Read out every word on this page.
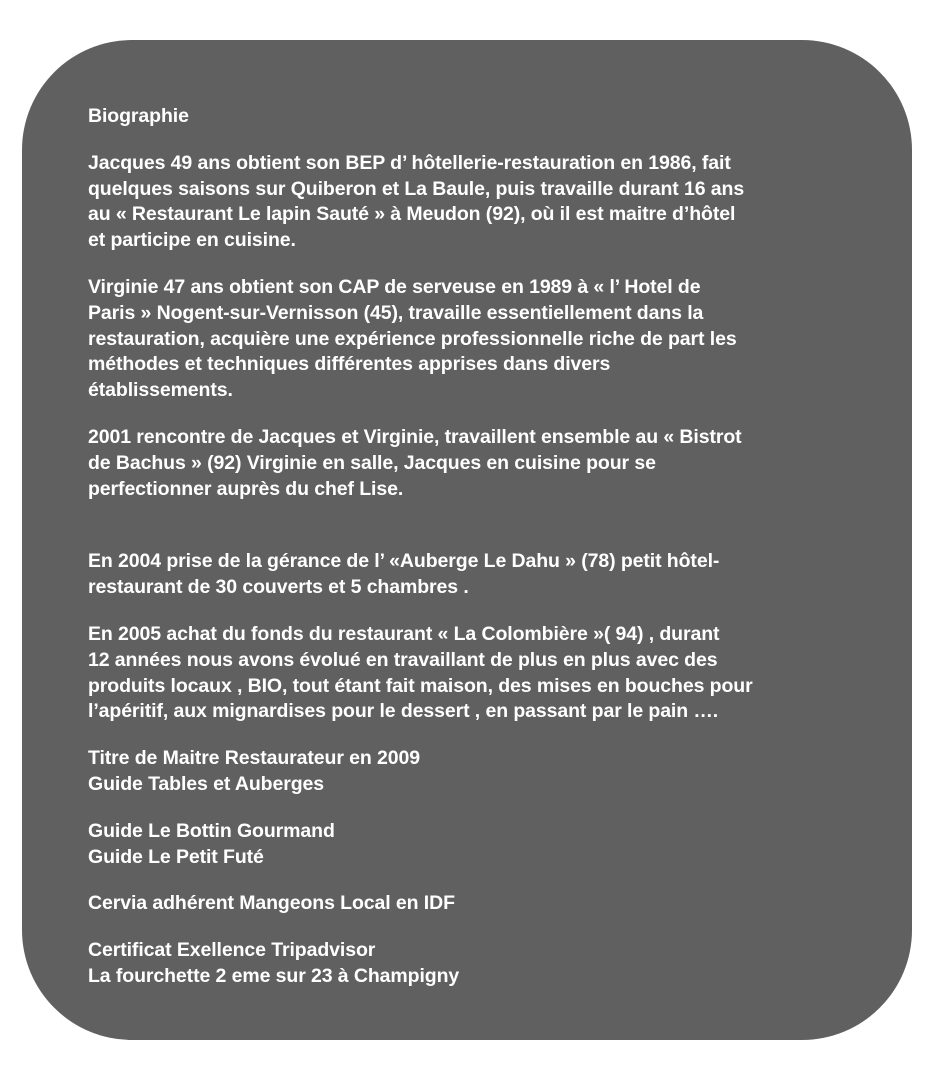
Biographie

Jacques 49 ans obtient son BEP d’ hôtellerie-restauration en 1986, fait
quelques saisons sur Quiberon et La Baule, puis travaille durant 16 ans
au « Restaurant Le lapin Sauté » à Meudon (92), où il est maitre d’hôtel
et participe en cuisine.

Virginie 47 ans obtient son CAP de serveuse en 1989 à « l’ Hotel de
Paris » Nogent-sur-Vernisson (45), travaille essentiellement dans la
restauration, acquière une expérience professionnelle riche de part les
méthodes et techniques différentes apprises dans divers
établissements.

2001 rencontre de Jacques et Virginie, travaillent ensemble au « Bistrot
de Bachus » (92) Virginie en salle, Jacques en cuisine pour se
perfectionner auprès du chef Lise.

En 2004 prise de la gérance de l’ «Auberge Le Dahu » (78) petit hôtel-
restaurant de 30 couverts et 5 chambres .

En 2005 achat du fonds du restaurant « La Colombière »( 94) , durant
12 années nous avons évolué en travaillant de plus en plus avec des
produits locaux , BIO, tout étant fait maison, des mises en bouches pour
l’apéritif, aux mignardises pour le dessert , en passant par le pain ….

Titre de Maitre Restaurateur en 2009
Guide Tables et Auberges

Guide Le Bottin Gourmand
Guide Le Petit Futé

Cervia adhérent Mangeons Local en IDF

Certificat Exellence Tripadvisor
La fourchette 2 eme sur 23 à Champigny
